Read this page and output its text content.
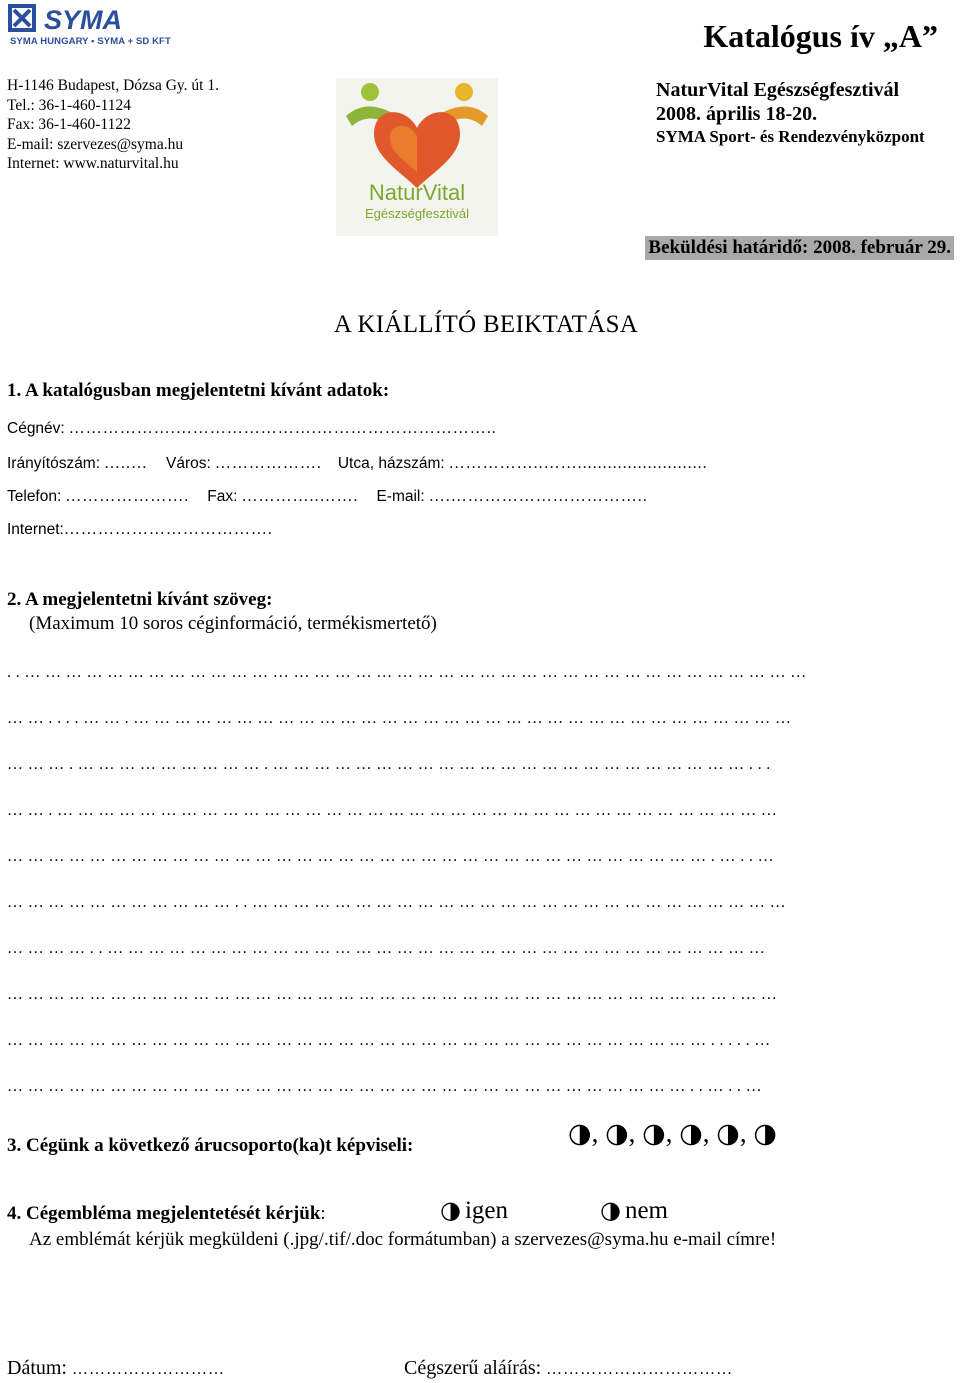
SYMA
SYMA HUNGARY • SYMA + SD KFT	Katalógus ív „A”
H-1146 Budapest, Dózsa Gy. út 1.
Tel.: 36-1-460-1124
Fax: 36-1-460-1122
E-mail: szervezes@syma.hu
Internet: www.naturvital.hu
NaturVital
Egészségfesztivál
NaturVital Egészségfesztivál
2008. április 18-20.
SYMA Sport- és Rendezvényközpont
Beküldési határidő: 2008. február 29.
A KIÁLLÍTÓ BEIKTATÁSA
1. A katalógusban megjelentetni kívánt adatok:
Cégnév: ……………….…………………….…………………………..
Irányítószám: …..… Város: ………………. Utca, házszám: ……………..……..........................
Telefon: …………………. Fax: …………..……. E-mail: ….……………………………..
Internet:……………………………….
2. A megjelentetni kívánt szöveg:
(Maximum 10 soros céginformáció, termékismertető)
..……………………………………………………………………………………………………
……....…….……………………………………………………………………………………
……….……………………….……………………………………………………………...
…….……………………………………………………………………………………………
………………………………………………………………………………………….…..…
……………………………..……………………………………………………………………
…………..……………………………………………………………………………………
…………………………………………………………………………………………….……
………………………………………………………………………………………….....…
………………………………………………………………………………………..…..…
3. Cégünk a következő árucsoporto(ka)t képviseli:	◑, ◑, ◑, ◑, ◑, ◑
4. Cégembléma megjelentetését kérjük:	◑ igen	◑ nem
Az emblémát kérjük megküldeni (.jpg/.tif/.doc formátumban) a szervezes@syma.hu e-mail címre!
Dátum: ………………………	Cégszerű aláírás: ……………………………
